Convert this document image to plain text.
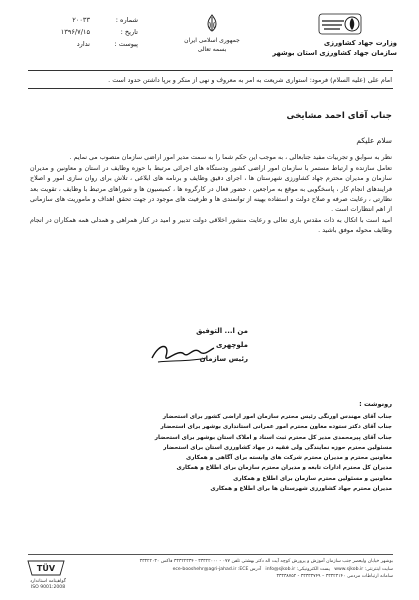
شماره :
۲۰۰۳۳
تاریخ :
۱۳۹۶/۷/۱۵
پیوست :
ندارد	جمهوری اسلامی ایران
بسمه تعالی
وزارت جهاد کشاورزی
سازمان جهاد کشاورزی استان بوشهر
امام علی (علیه السلام) فرمود: استواری شریعت به امر به معروف و نهی از منکر و برپا داشتن حدود است .
جناب آقای احمد مشایخی
سلام علیکم

نظر به سوابق و تجربیات مفید جنابعالی ، به موجب این حکم شما را به سمت مدیر امور اراضی سازمان منصوب می نمایم .

تعامل سازنده و ارتباط مستمر با سازمان امور اراضی کشور ودستگاه های اجرائی مرتبط با حوزه وظایف در استان و معاونین و مدیران سازمان و مدیران محترم جهاد کشاورزی شهرستان ها ، اجرای دقیق وظایف و برنامه های ابلاغی ، تلاش برای روان سازی امور و اصلاح فرایندهای انجام کار ، پاسخگویی به موقع به مراجعین ، حضور فعال در کارگروه ها ، کمیسیون ها و شوراهای مرتبط با وظایف ، تقویت بعد نظارتی ، رعایت صرفه و صلاح دولت و استفاده بهینه از توانمندی ها و ظرفیت های موجود در جهت تحقق اهداف و ماموریت های سازمانی از اهم انتظارات است .

امید است با اتکال به ذات مقدس باری تعالی و رعایت منشور اخلاقی دولت تدبیر و امید در کنار همراهی و همدلی همه همکاران در انجام وظایف محوله موفق باشید .

من ا... التوفیق
ملوچهری
رئیس سازمان
رونوشت :
جناب آقای مهندس اورنگی رئیس محترم سازمان امور اراضی کشور برای استحضار
جناب آقای دکتر ستوده معاون محترم امور عمرانی استانداری بوشهر برای استحضار
جناب آقای پیرمحمدی مدیر کل محترم ثبت اسناد و املاک استان بوشهر برای استحضار
مسئولین محترم حوزه نمایندگی ولی فقیه در جهاد کشاورزی استان برای استحضار
معاونین محترم و مدیران محترم شرکت های وابسته برای آگاهی و همکاری
مدیران کل محترم ادارات تابعه و مدیران محترم سازمان برای اطلاع و همکاری
معاونین و مسئولین محترم سازمان برای اطلاع و همکاری
مدیران محترم جهاد کشاورزی شهرستان ها برای اطلاع و همکاری
بوشهر خیابان ولیعصر جنب سازمان آموزش و پرورش کوچه آیت اله دکتر بهشتی تلفن ۰۷۷ - ۳۳۳۲۲۰۰۰ - ۳۳۳۲۲۳۳۴ فاکس ۳۳۳۲۲۰۳۰
سایت اینترنتی: www.sjkob.ir   پست الکترونیکی: info@sjkob.ir   آدرس ECE: ece-booshehr@agri-jahad.ir
سامانه ارتباطات مردمی ۳۳۳۲۳۱۴۰ – ۳۳۳۳۳۷۴۹ - ۳۳۳۳۸۷۵۲
TÜV
گواهینامه استاندارد
ISO 9001:2008
